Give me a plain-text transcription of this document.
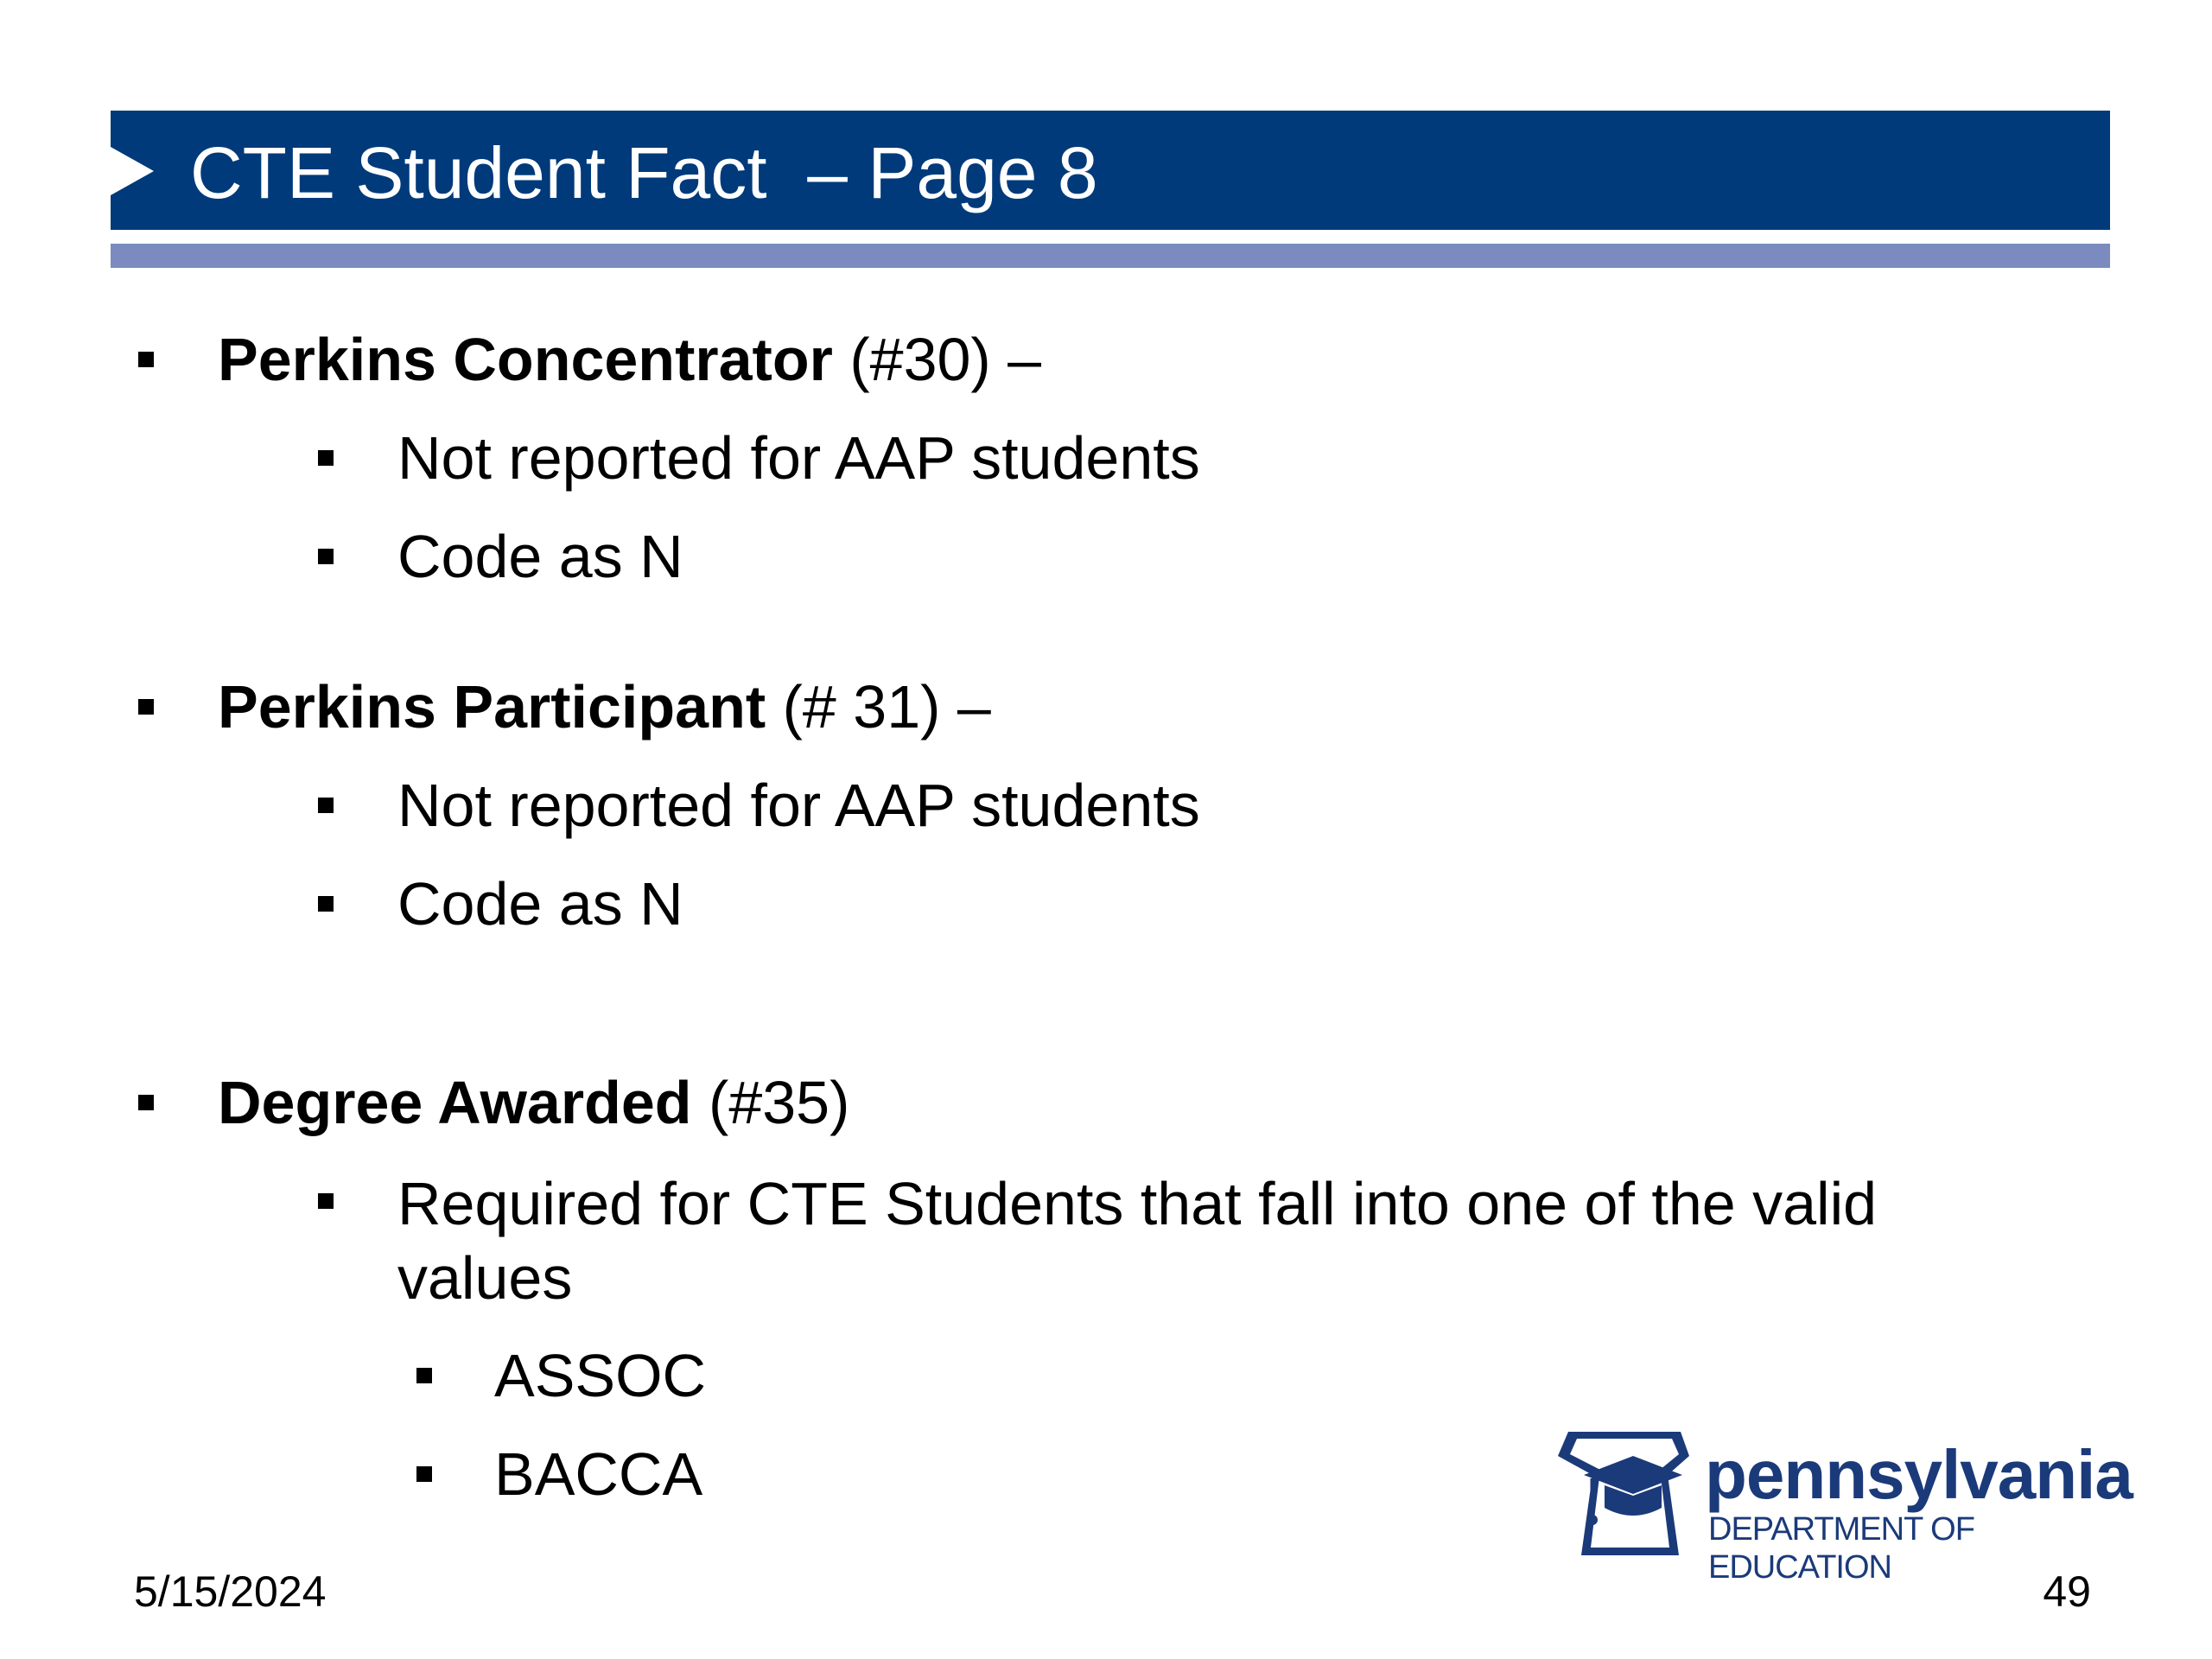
CTE Student Fact  – Page 8
Perkins Concentrator (#30) –
Not reported for AAP students
Code as N
Perkins Participant (# 31) –
Not reported for AAP students
Code as N
Degree Awarded (#35)
Required for CTE Students that fall into one of the valid values
ASSOC
BACCA	pennsylvania
DEPARTMENT OF EDUCATION
5/15/2024	49
